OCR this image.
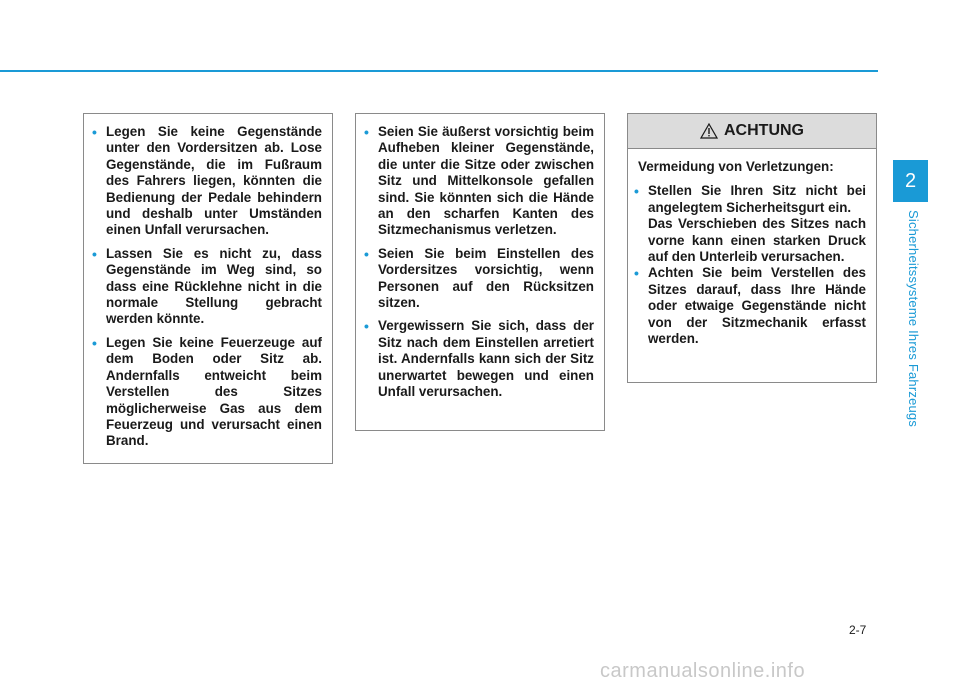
• Legen Sie keine Gegenstände unter den Vordersitzen ab. Lose Gegenstände, die im Fußraum des Fahrers liegen, könnten die Bedienung der Pedale behindern und deshalb unter Umständen einen Unfall verursachen.
• Lassen Sie es nicht zu, dass Gegenstände im Weg sind, so dass eine Rücklehne nicht in die normale Stellung gebracht werden könnte.
• Legen Sie keine Feuerzeuge auf dem Boden oder Sitz ab. Andernfalls entweicht beim Verstellen des Sitzes möglicherweise Gas aus dem Feuerzeug und verursacht einen Brand.
• Seien Sie äußerst vorsichtig beim Aufheben kleiner Gegenstände, die unter die Sitze oder zwischen Sitz und Mittelkonsole gefallen sind. Sie könnten sich die Hände an den scharfen Kanten des Sitzmechanismus verletzen.
• Seien Sie beim Einstellen des Vordersitzes vorsichtig, wenn Personen auf den Rücksitzen sitzen.
• Vergewissern Sie sich, dass der Sitz nach dem Einstellen arretiert ist. Andernfalls kann sich der Sitz unerwartet bewegen und einen Unfall verursachen.
ACHTUNG
Vermeidung von Verletzungen:
• Stellen Sie Ihren Sitz nicht bei angelegtem Sicherheitsgurt ein.
Das Verschieben des Sitzes nach vorne kann einen starken Druck auf den Unterleib verursachen.
• Achten Sie beim Verstellen des Sitzes darauf, dass Ihre Hände oder etwaige Gegenstände nicht von der Sitzmechanik erfasst werden.
2
Sicherheitssysteme Ihres Fahrzeugs
2-7
carmanualsonline.info
